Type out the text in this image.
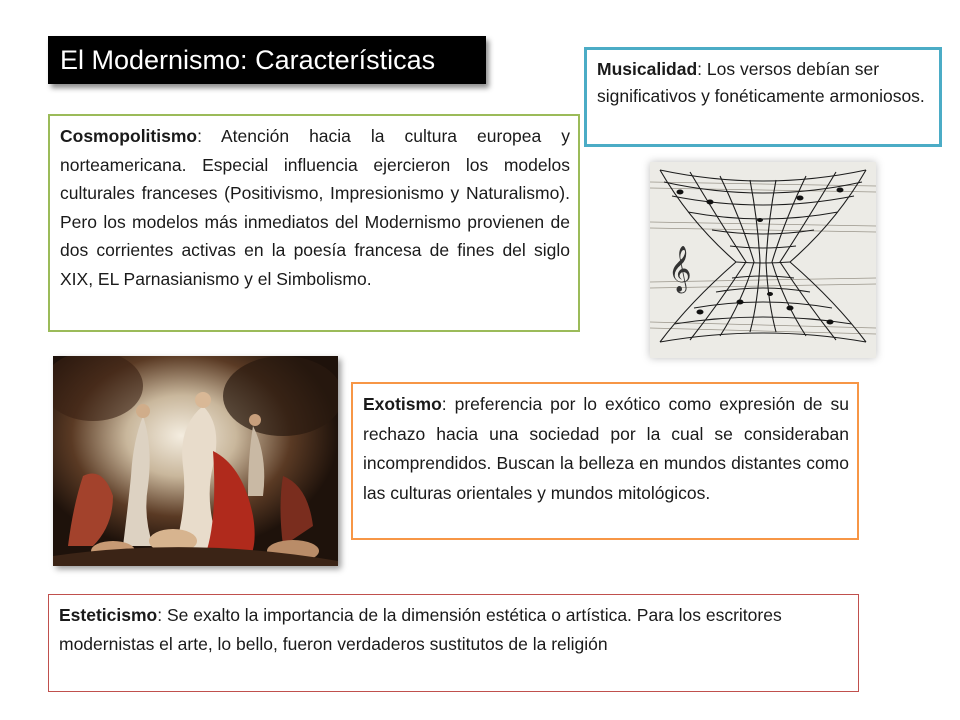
El Modernismo: Características	Musicalidad: Los versos debían ser significativos y fonéticamente armoniosos.
Cosmopolitismo: Atención hacia la cultura europea y norteamericana. Especial influencia ejercieron los modelos culturales franceses (Positivismo, Impresionismo y Naturalismo). Pero los modelos más inmediatos del Modernismo provienen de dos corrientes activas en la poesía francesa de fines del siglo XIX, EL Parnasianismo y el Simbolismo.	𝄞
Exotismo: preferencia por lo exótico como expresión de su rechazo hacia una sociedad por la cual se consideraban incomprendidos. Buscan la belleza en mundos distantes como las culturas orientales y mundos mitológicos.
Esteticismo: Se exalto la importancia de la dimensión estética o artística. Para los escritores modernistas el arte, lo bello, fueron verdaderos sustitutos de la religión
